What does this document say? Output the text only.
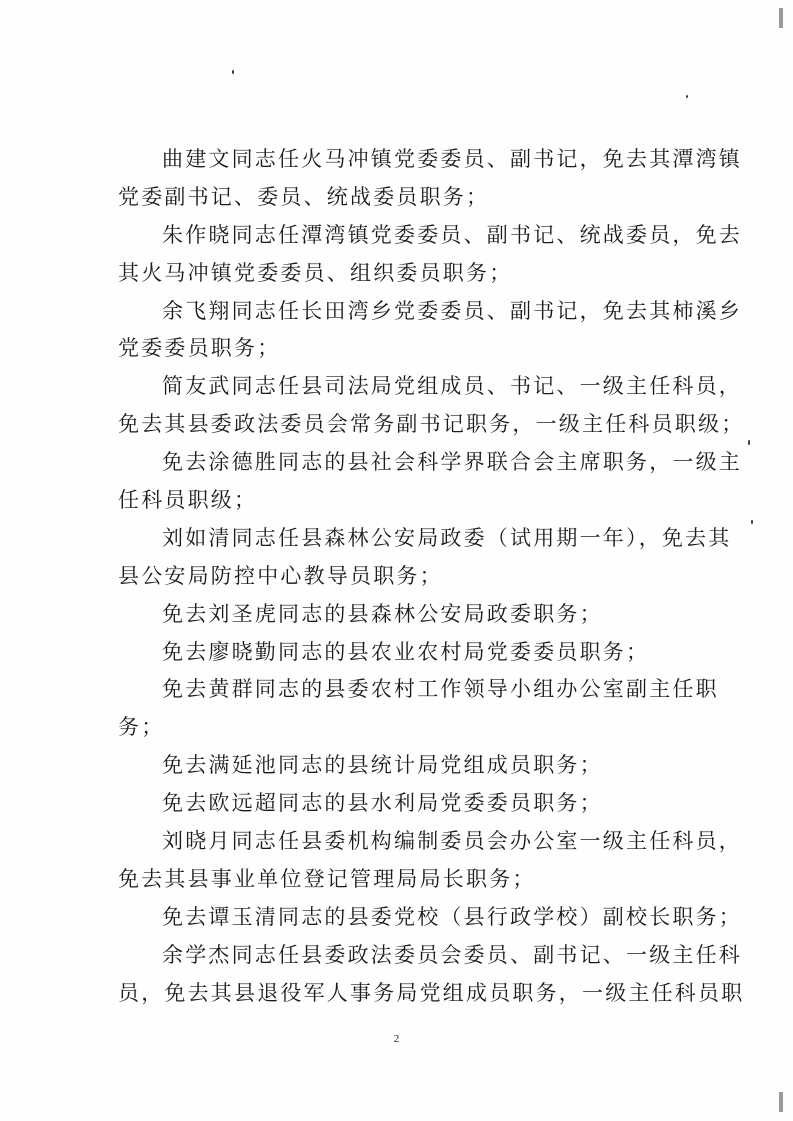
曲建文同志任火马冲镇党委委员、副书记，免去其潭湾镇
党委副书记、委员、统战委员职务；
朱作晓同志任潭湾镇党委委员、副书记、统战委员，免去
其火马冲镇党委委员、组织委员职务；
余飞翔同志任长田湾乡党委委员、副书记，免去其柿溪乡
党委委员职务；
简友武同志任县司法局党组成员、书记、一级主任科员，
免去其县委政法委员会常务副书记职务，一级主任科员职级；
免去涂德胜同志的县社会科学界联合会主席职务，一级主
任科员职级；
刘如清同志任县森林公安局政委（试用期一年），免去其
县公安局防控中心教导员职务；
免去刘圣虎同志的县森林公安局政委职务；
免去廖晓勤同志的县农业农村局党委委员职务；
免去黄群同志的县委农村工作领导小组办公室副主任职
务；
免去满延池同志的县统计局党组成员职务；
免去欧远超同志的县水利局党委委员职务；
刘晓月同志任县委机构编制委员会办公室一级主任科员，
免去其县事业单位登记管理局局长职务；
免去谭玉清同志的县委党校（县行政学校）副校长职务；
余学杰同志任县委政法委员会委员、副书记、一级主任科
员，免去其县退役军人事务局党组成员职务，一级主任科员职
2
